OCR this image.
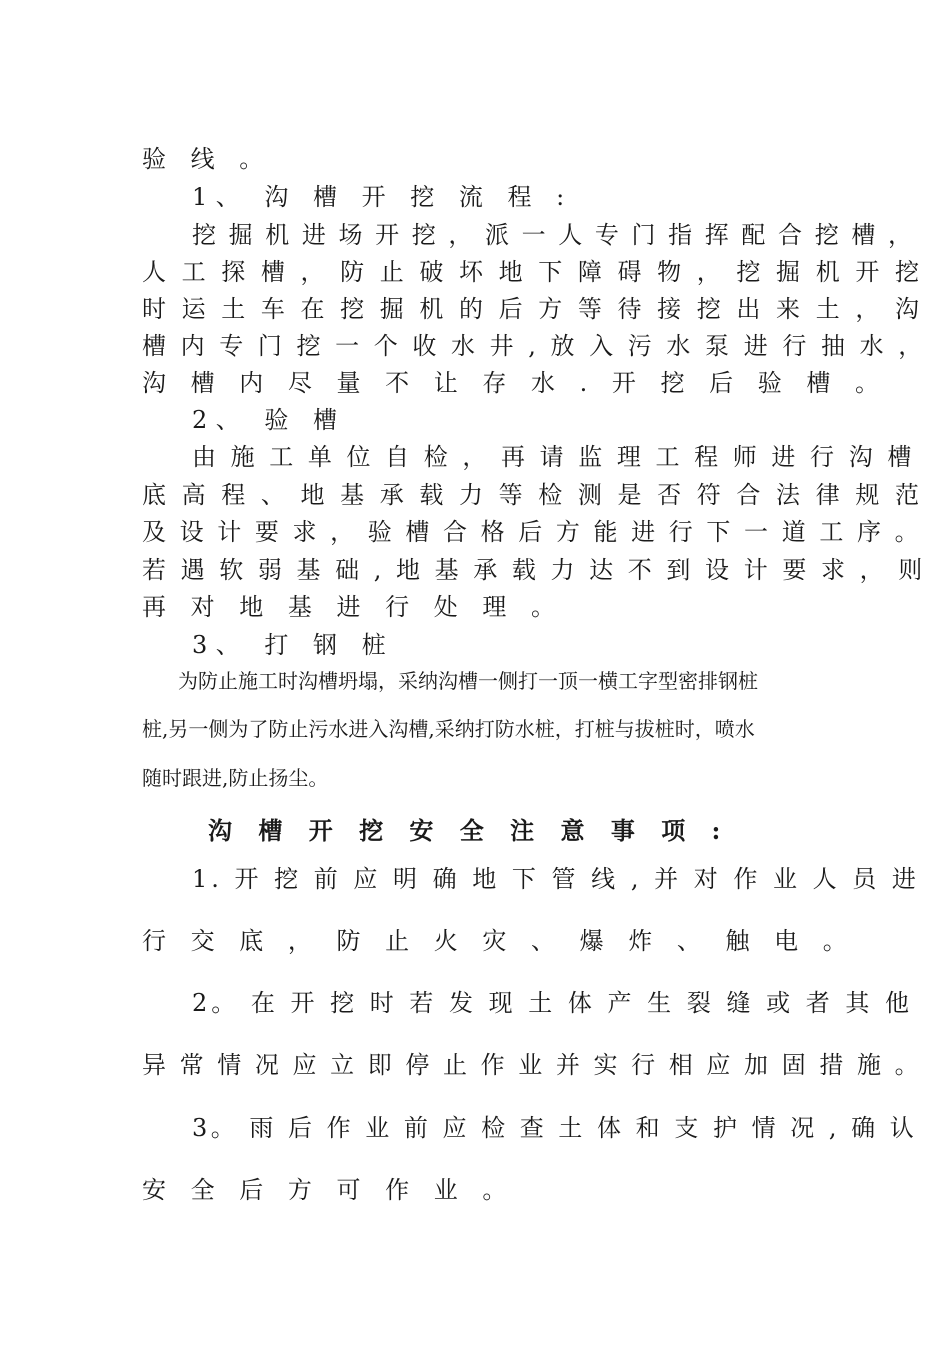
验 线 。
1、 沟 槽 开 挖 流 程 :
挖 掘 机 进 场 开 挖 ， 派 一 人 专 门 指 挥 配 合 挖 槽 ，
人 工 探 槽 ， 防 止 破 坏 地 下 障 碍 物 ， 挖 掘 机 开 挖
时 运 土 车 在 挖 掘 机 的 后 方 等 待 接 挖 出 来 土 ， 沟
槽 内 专 门 挖 一 个 收 水 井 , 放 入 污 水 泵 进 行 抽 水 ，
沟 槽 内 尽 量 不 让 存 水 . 开 挖 后 验 槽 。
2、 验 槽
由 施 工 单 位 自 检 ， 再 请 监 理 工 程 师 进 行 沟 槽
底 高 程 、 地 基 承 载 力 等 检 测 是 否 符 合 法 律 规 范
及 设 计 要 求 ， 验 槽 合 格 后 方 能 进 行 下 一 道 工 序 。
若 遇 软 弱 基 础 , 地 基 承 载 力 达 不 到 设 计 要 求 ， 则
再 对 地 基 进 行 处 理 。
3、 打 钢 桩
为防止施工时沟槽坍塌，采纳沟槽一侧打一顶一横工字型密排钢桩
桩,另一侧为了防止污水进入沟槽,采纳打防水桩，打桩与拔桩时，喷水
随时跟进,防止扬尘。
沟 槽 开 挖 安 全 注 意 事 项 :
1. 开 挖 前 应 明 确 地 下 管 线 , 并 对 作 业 人 员 进
行 交 底 ， 防 止 火 灾 、 爆 炸 、 触 电 。
2。 在 开 挖 时 若 发 现 土 体 产 生 裂 缝 或 者 其 他
异 常 情 况 应 立 即 停 止 作 业 并 实 行 相 应 加 固 措 施 。
3。 雨 后 作 业 前 应 检 查 土 体 和 支 护 情 况 , 确 认
安 全 后 方 可 作 业 。
